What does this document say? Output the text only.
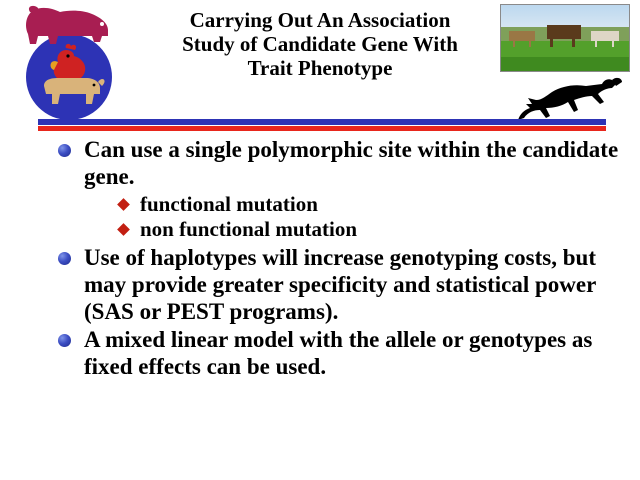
Carrying Out An Association
Study of Candidate Gene With
Trait Phenotype
Can use a single polymorphic site within the candidate gene.
functional mutation
non functional mutation
Use of haplotypes will increase genotyping costs, but may provide greater specificity and statistical power (SAS or PEST programs).
A mixed linear model with the allele or genotypes as fixed effects can be used.
